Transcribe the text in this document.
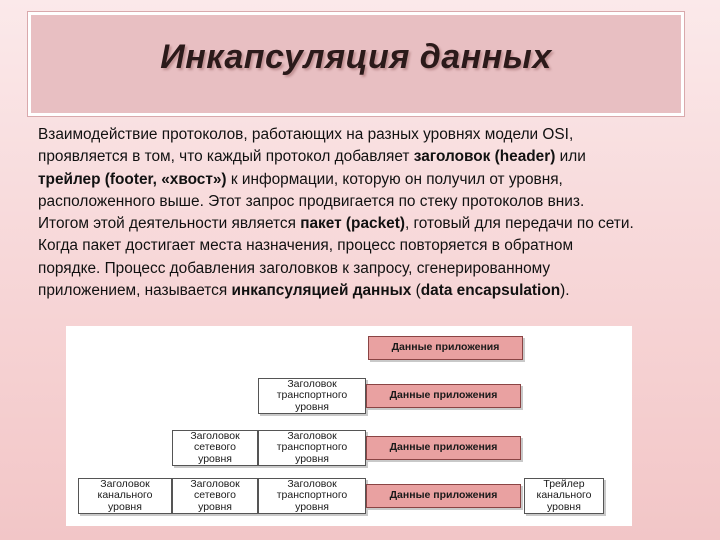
Инкапсуляция данных

Взаимодействие протоколов, работающих на разных уровнях модели OSI, проявляется в том, что каждый протокол добавляет заголовок (header) или трейлер (footer, «хвост») к информации, которую он получил от уровня, расположенного выше. Этот запрос продвигается по стеку протоколов вниз. Итогом этой деятельности является пакет (packet), готовый для передачи по сети. Когда пакет достигает места назначения, процесс повторяется в обратном порядке. Процесс добавления заголовков к запросу, сгенерированному приложением, называется инкапсуляцией данных (data encapsulation).

Данные приложения
Заголовок
транспортного
уровня
Данные приложения
Заголовок
сетевого
уровня
Заголовок
транспортного
уровня
Данные приложения
Заголовок
канального
уровня
Заголовок
сетевого
уровня
Заголовок
транспортного
уровня
Данные приложения
Трейлер
канального
уровня
